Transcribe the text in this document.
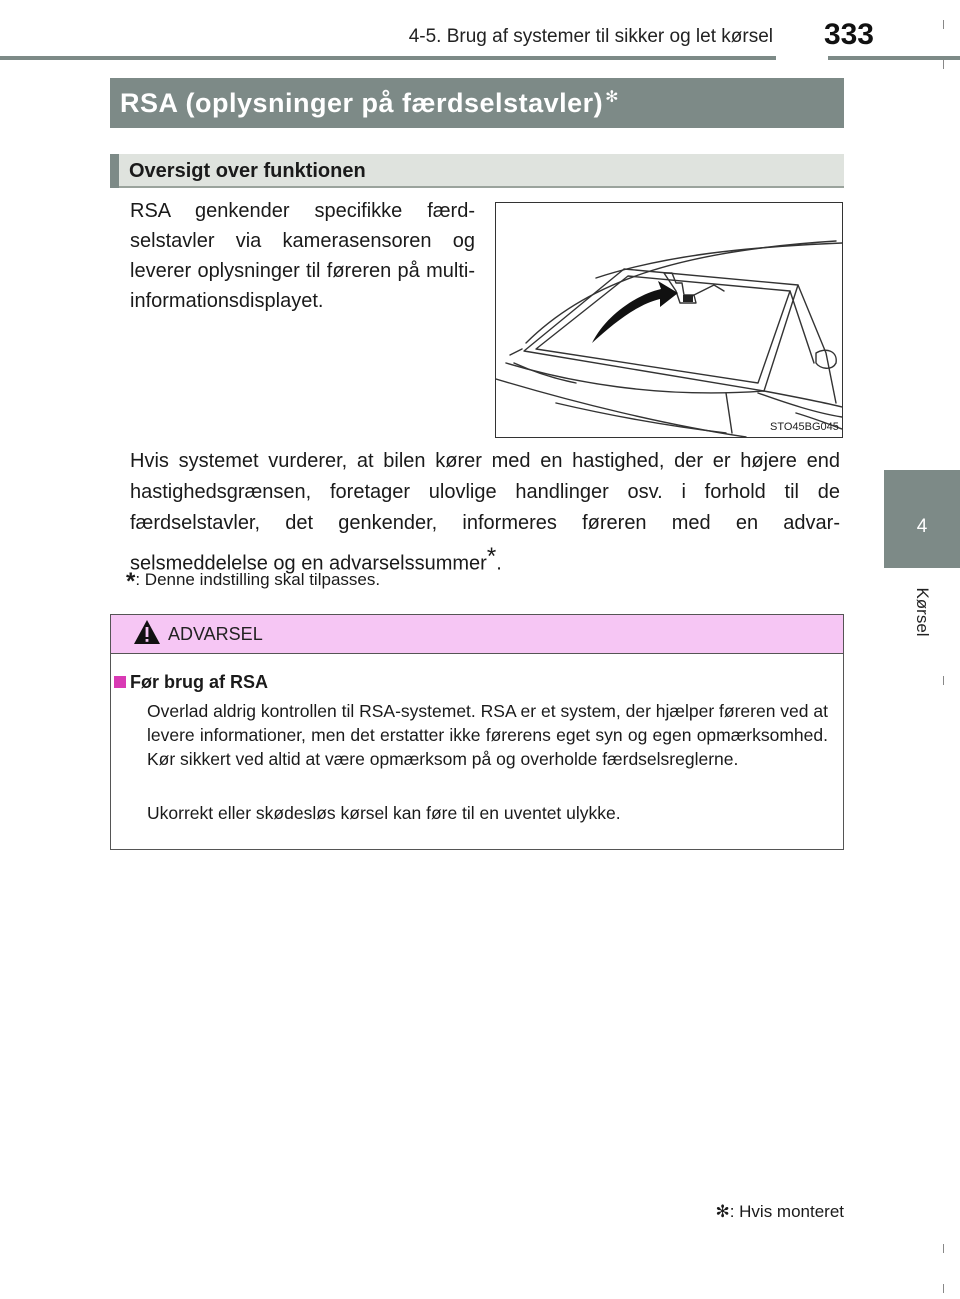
4-5. Brug af systemer til sikker og let kørsel 333
4
Kørsel
RSA (oplysninger på færdselstavler)✻
Oversigt over funktionen

RSA genkender specifikke færd-selstavler via kamerasensoren og leverer oplysninger til føreren på multi-informationsdisplayet.

STO45BG045

Hvis systemet vurderer, at bilen kører med en hastighed, der er højere end hastighedsgrænsen, foretager ulovlige handlinger osv. i forhold til de færdselstavler, det genkender, informeres føreren med en advar-selsmeddelelse og en advarselssummer*.

*: Denne indstilling skal tilpasses.
ADVARSEL
Før brug af RSA

Overlad aldrig kontrollen til RSA-systemet. RSA er et system, der hjælper føreren ved at levere informationer, men det erstatter ikke førerens eget syn og egen opmærksomhed. Kør sikkert ved altid at være opmærksom på og overholde færdselsreglerne.

Ukorrekt eller skødesløs kørsel kan føre til en uventet ulykke.

✻: Hvis monteret
